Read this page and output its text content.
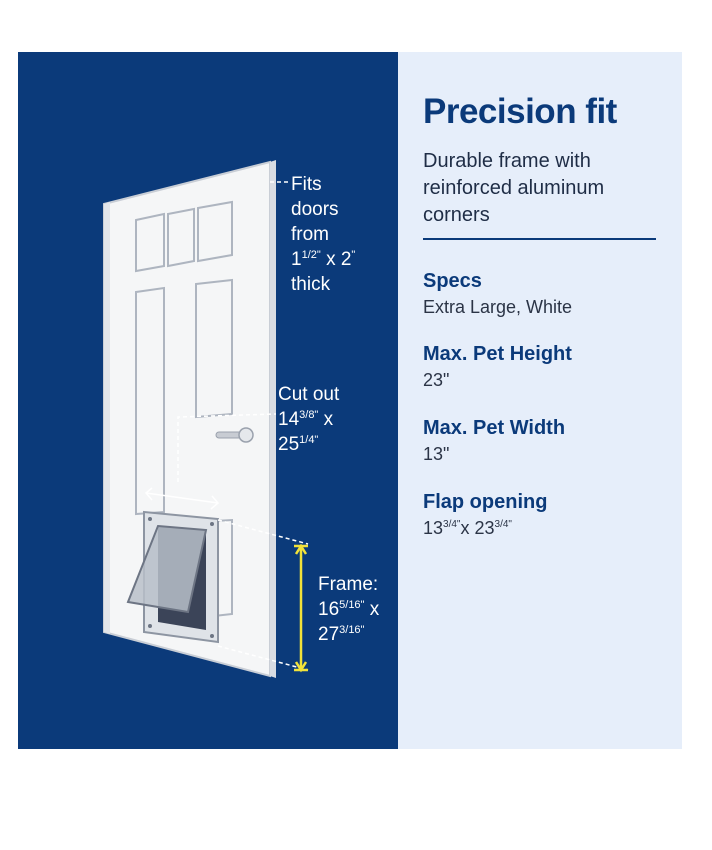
Fits
doors
from
$1^{1/2"}$ x 2"
thick
Cut out
$14^{3/8"}$ x
$25^{1/4"}$
Frame:
$16^{5/16"}$ x
$27^{3/16"}$
Precision fit
Durable frame with reinforced aluminum corners
Specs
Extra Large, White
Max. Pet Height
23"
Max. Pet Width
13"
Flap opening
$13^{3/4"}x$ $23^{3/4"}$
